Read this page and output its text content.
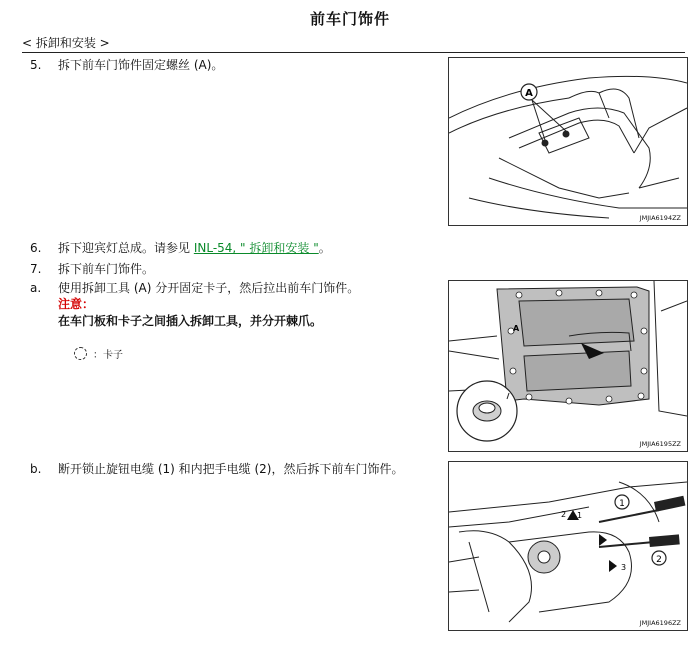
前车门饰件
< 拆卸和安装 >
5. 拆下前车门饰件固定螺丝 (A)。
6. 拆下迎宾灯总成。请参见 INL-54, " 拆卸和安装 "。
7. 拆下前车门饰件。
a. 使用拆卸工具 (A) 分开固定卡子，然后拉出前车门饰件。
注意：
在车门板和卡子之间插入拆卸工具，并分开棘爪。
：卡子
b. 断开锁止旋钮电缆 (1) 和内把手电缆 (2)，然后拆下前车门饰件。
A
JMJIA6194ZZ
A
JMJIA6195ZZ
1
2
1
2
3
JMJIA6196ZZ
